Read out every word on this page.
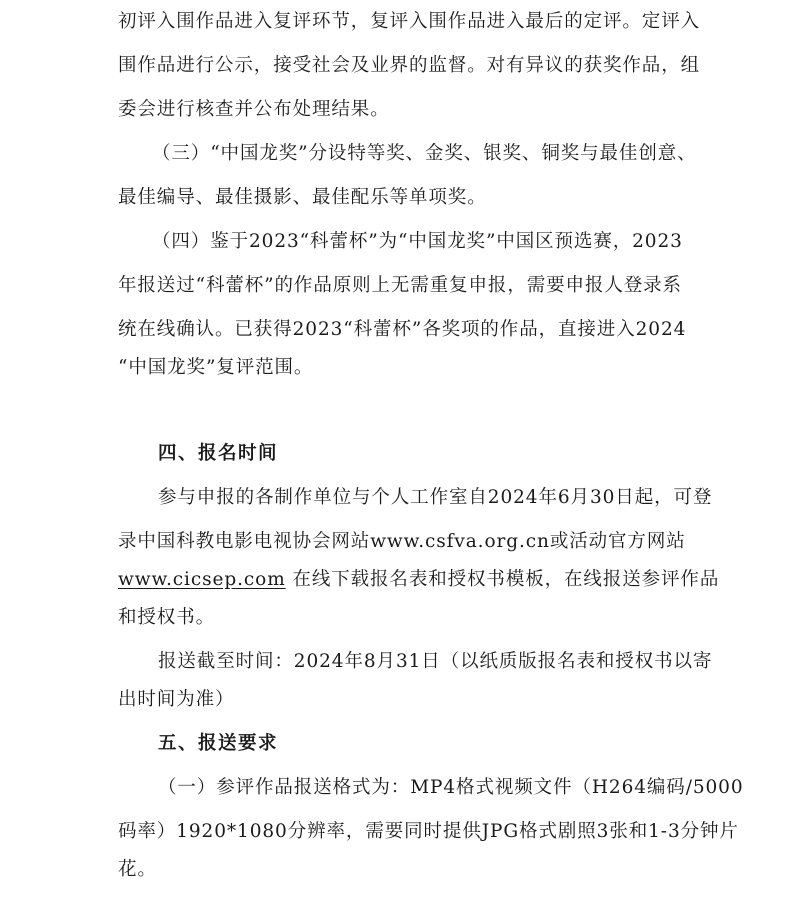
初评入围作品进入复评环节，复评入围作品进入最后的定评。定评入
围作品进行公示，接受社会及业界的监督。对有异议的获奖作品，组
委会进行核查并公布处理结果。
（三）“中国龙奖”分设特等奖、金奖、银奖、铜奖与最佳创意、
最佳编导、最佳摄影、最佳配乐等单项奖。
（四）鉴于2023“科蕾杯”为“中国龙奖”中国区预选赛，2023
年报送过“科蕾杯”的作品原则上无需重复申报，需要申报人登录系
统在线确认。已获得2023“科蕾杯”各奖项的作品，直接进入2024
“中国龙奖”复评范围。
四、报名时间
参与申报的各制作单位与个人工作室自2024年6月30日起，可登
录中国科教电影电视协会网站www.csfva.org.cn或活动官方网站
www.cicsep.com 在线下载报名表和授权书模板，在线报送参评作品
和授权书。
报送截至时间：2024年8月31日（以纸质版报名表和授权书以寄
出时间为准）
五、报送要求
（一）参评作品报送格式为：MP4格式视频文件（H264编码/5000
码率）1920*1080分辨率，需要同时提供JPG格式剧照3张和1-3分钟片
花。
